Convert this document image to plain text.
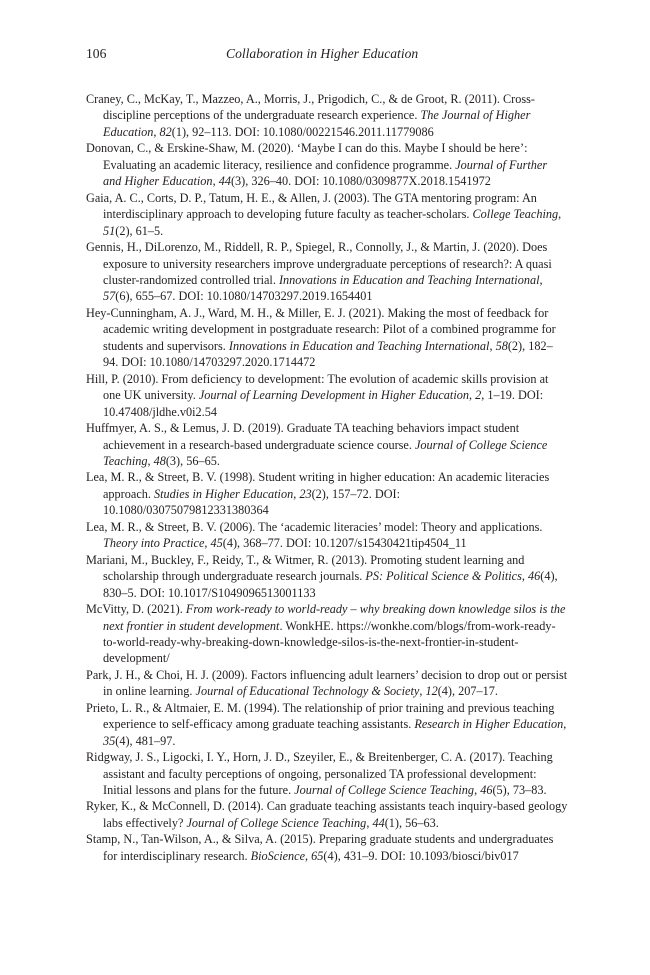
106	Collaboration in Higher Education

Craney, C., McKay, T., Mazzeo, A., Morris, J., Prigodich, C., & de Groot, R. (2011). Cross-discipline perceptions of the undergraduate research experience. The Journal of Higher Education, 82(1), 92–113. DOI: 10.1080/00221546.2011.11779086

Donovan, C., & Erskine-Shaw, M. (2020). ‘Maybe I can do this. Maybe I should be here’: Evaluating an academic literacy, resilience and confidence programme. Journal of Further and Higher Education, 44(3), 326–40. DOI: 10.1080/0309877X.2018.1541972

Gaia, A. C., Corts, D. P., Tatum, H. E., & Allen, J. (2003). The GTA mentoring program: An interdisciplinary approach to developing future faculty as teacher-scholars. College Teaching, 51(2), 61–5.

Gennis, H., DiLorenzo, M., Riddell, R. P., Spiegel, R., Connolly, J., & Martin, J. (2020). Does exposure to university researchers improve undergraduate perceptions of research?: A quasi cluster-randomized controlled trial. Innovations in Education and Teaching International, 57(6), 655–67. DOI: 10.1080/14703297.2019.1654401

Hey-Cunningham, A. J., Ward, M. H., & Miller, E. J. (2021). Making the most of feedback for academic writing development in postgraduate research: Pilot of a combined programme for students and supervisors. Innovations in Education and Teaching International, 58(2), 182–94. DOI: 10.1080/14703297.2020.1714472

Hill, P. (2010). From deficiency to development: The evolution of academic skills provision at one UK university. Journal of Learning Development in Higher Education, 2, 1–19. DOI: 10.47408/jldhe.v0i2.54

Huffmyer, A. S., & Lemus, J. D. (2019). Graduate TA teaching behaviors impact student achievement in a research-based undergraduate science course. Journal of College Science Teaching, 48(3), 56–65.

Lea, M. R., & Street, B. V. (1998). Student writing in higher education: An academic literacies approach. Studies in Higher Education, 23(2), 157–72. DOI: 10.1080/03075079812331380364

Lea, M. R., & Street, B. V. (2006). The ‘academic literacies’ model: Theory and applications. Theory into Practice, 45(4), 368–77. DOI: 10.1207/s15430421tip4504_11

Mariani, M., Buckley, F., Reidy, T., & Witmer, R. (2013). Promoting student learning and scholarship through undergraduate research journals. PS: Political Science & Politics, 46(4), 830–5. DOI: 10.1017/S1049096513001133

McVitty, D. (2021). From work-ready to world-ready – why breaking down knowledge silos is the next frontier in student development. WonkHE. https://wonkhe.com/blogs/from-work-ready-to-world-ready-why-breaking-down-knowledge-silos-is-the-next-frontier-in-student-development/

Park, J. H., & Choi, H. J. (2009). Factors influencing adult learners’ decision to drop out or persist in online learning. Journal of Educational Technology & Society, 12(4), 207–17.

Prieto, L. R., & Altmaier, E. M. (1994). The relationship of prior training and previous teaching experience to self-efficacy among graduate teaching assistants. Research in Higher Education, 35(4), 481–97.

Ridgway, J. S., Ligocki, I. Y., Horn, J. D., Szeyiler, E., & Breitenberger, C. A. (2017). Teaching assistant and faculty perceptions of ongoing, personalized TA professional development: Initial lessons and plans for the future. Journal of College Science Teaching, 46(5), 73–83.

Ryker, K., & McConnell, D. (2014). Can graduate teaching assistants teach inquiry-based geology labs effectively? Journal of College Science Teaching, 44(1), 56–63.

Stamp, N., Tan-Wilson, A., & Silva, A. (2015). Preparing graduate students and undergraduates for interdisciplinary research. BioScience, 65(4), 431–9. DOI: 10.1093/biosci/biv017
